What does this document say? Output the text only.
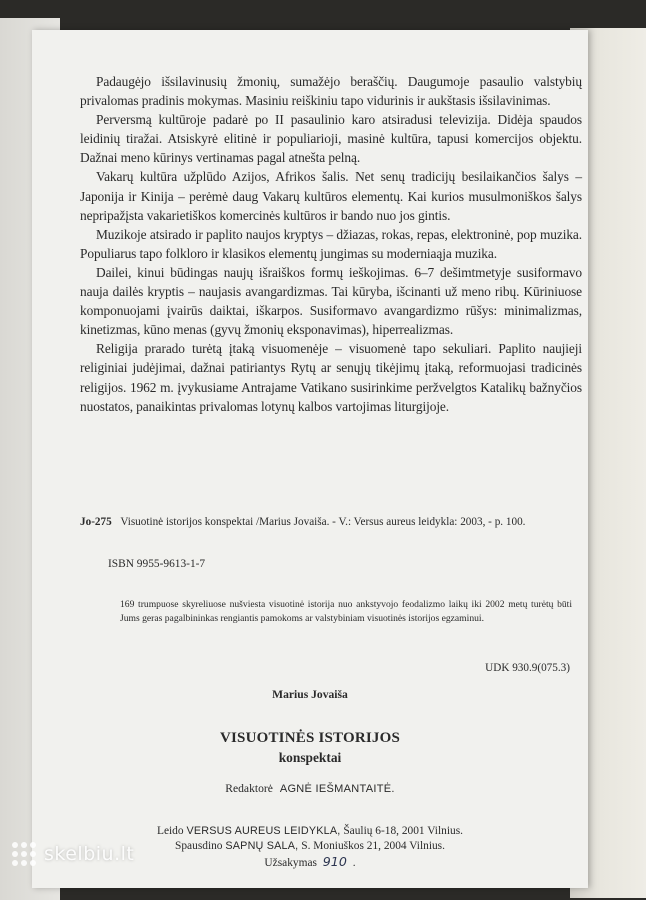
Padaugėjo išsilavinusių žmonių, sumažėjo beraščių. Daugumoje pasaulio valstybių privalomas pradinis mokymas. Masiniu reiškiniu tapo vidurinis ir aukštasis išsilavinimas.

Perversmą kultūroje padarė po II pasaulinio karo atsiradusi televizija. Didėja spaudos leidinių tiražai. Atsiskyrė elitinė ir populiarioji, masinė kultūra, tapusi komercijos objektu. Dažnai meno kūrinys vertinamas pagal atnešta pelną.

Vakarų kultūra užplūdo Azijos, Afrikos šalis. Net senų tradicijų besilaikančios šalys – Japonija ir Kinija – perėmė daug Vakarų kultūros elementų. Kai kurios musulmoniškos šalys nepripažįsta vakarietiškos komercinės kultūros ir bando nuo jos gintis.

Muzikoje atsirado ir paplito naujos kryptys – džiazas, rokas, repas, elektroninė, pop muzika. Populiarus tapo folkloro ir klasikos elementų jungimas su moderniaąja muzika.

Dailei, kinui būdingas naujų išraiškos formų ieškojimas. 6–7 dešimtmetyje susiformavo nauja dailės kryptis – naujasis avangardizmas. Tai kūryba, išcinanti už meno ribų. Kūriniuose komponuojami įvairūs daiktai, iškarpos. Susiformavo avangardizmo rūšys: minimalizmas, kinetizmas, kūno menas (gyvų žmonių eksponavimas), hiperrealizmas.

Religija prarado turėtą įtaką visuomenėje – visuomenė tapo sekuliari. Paplito naujieji religiniai judėjimai, dažnai patiriantys Rytų ar senųjų tikėjimų įtaką, reformuojasi tradicinės religijos. 1962 m. įvykusiame Antrajame Vatikano susirinkime peržvelgtos Katalikų bažnyčios nuostatos, panaikintas privalomas lotynų kalbos vartojimas liturgijoje.

Jo-275 Visuotinė istorijos konspektai /Marius Jovaiša. - V.: Versus aureus leidykla: 2003, - p. 100.
ISBN 9955-9613-1-7
169 trumpuose skyreliuose nušviesta visuotinė istorija nuo ankstyvojo feodalizmo laikų iki 2002 metų turėtų būti Jums geras pagalbininkas rengiantis pamokoms ar valstybiniam visuotinės istorijos egzaminui.
UDK 930.9(075.3)
Marius Jovaiša
VISUOTINĖS ISTORIJOS
konspektai
Redaktorė AGNĖ IEŠMANTAITĖ.
Leido VERSUS AUREUS LEIDYKLA, Šaulių 6-18, 2001 Vilnius.
Spausdino SAPNŲ SALA, S. Moniuškos 21, 2004 Vilnius.
Užsakymas 910 .
skelbiu.lt
